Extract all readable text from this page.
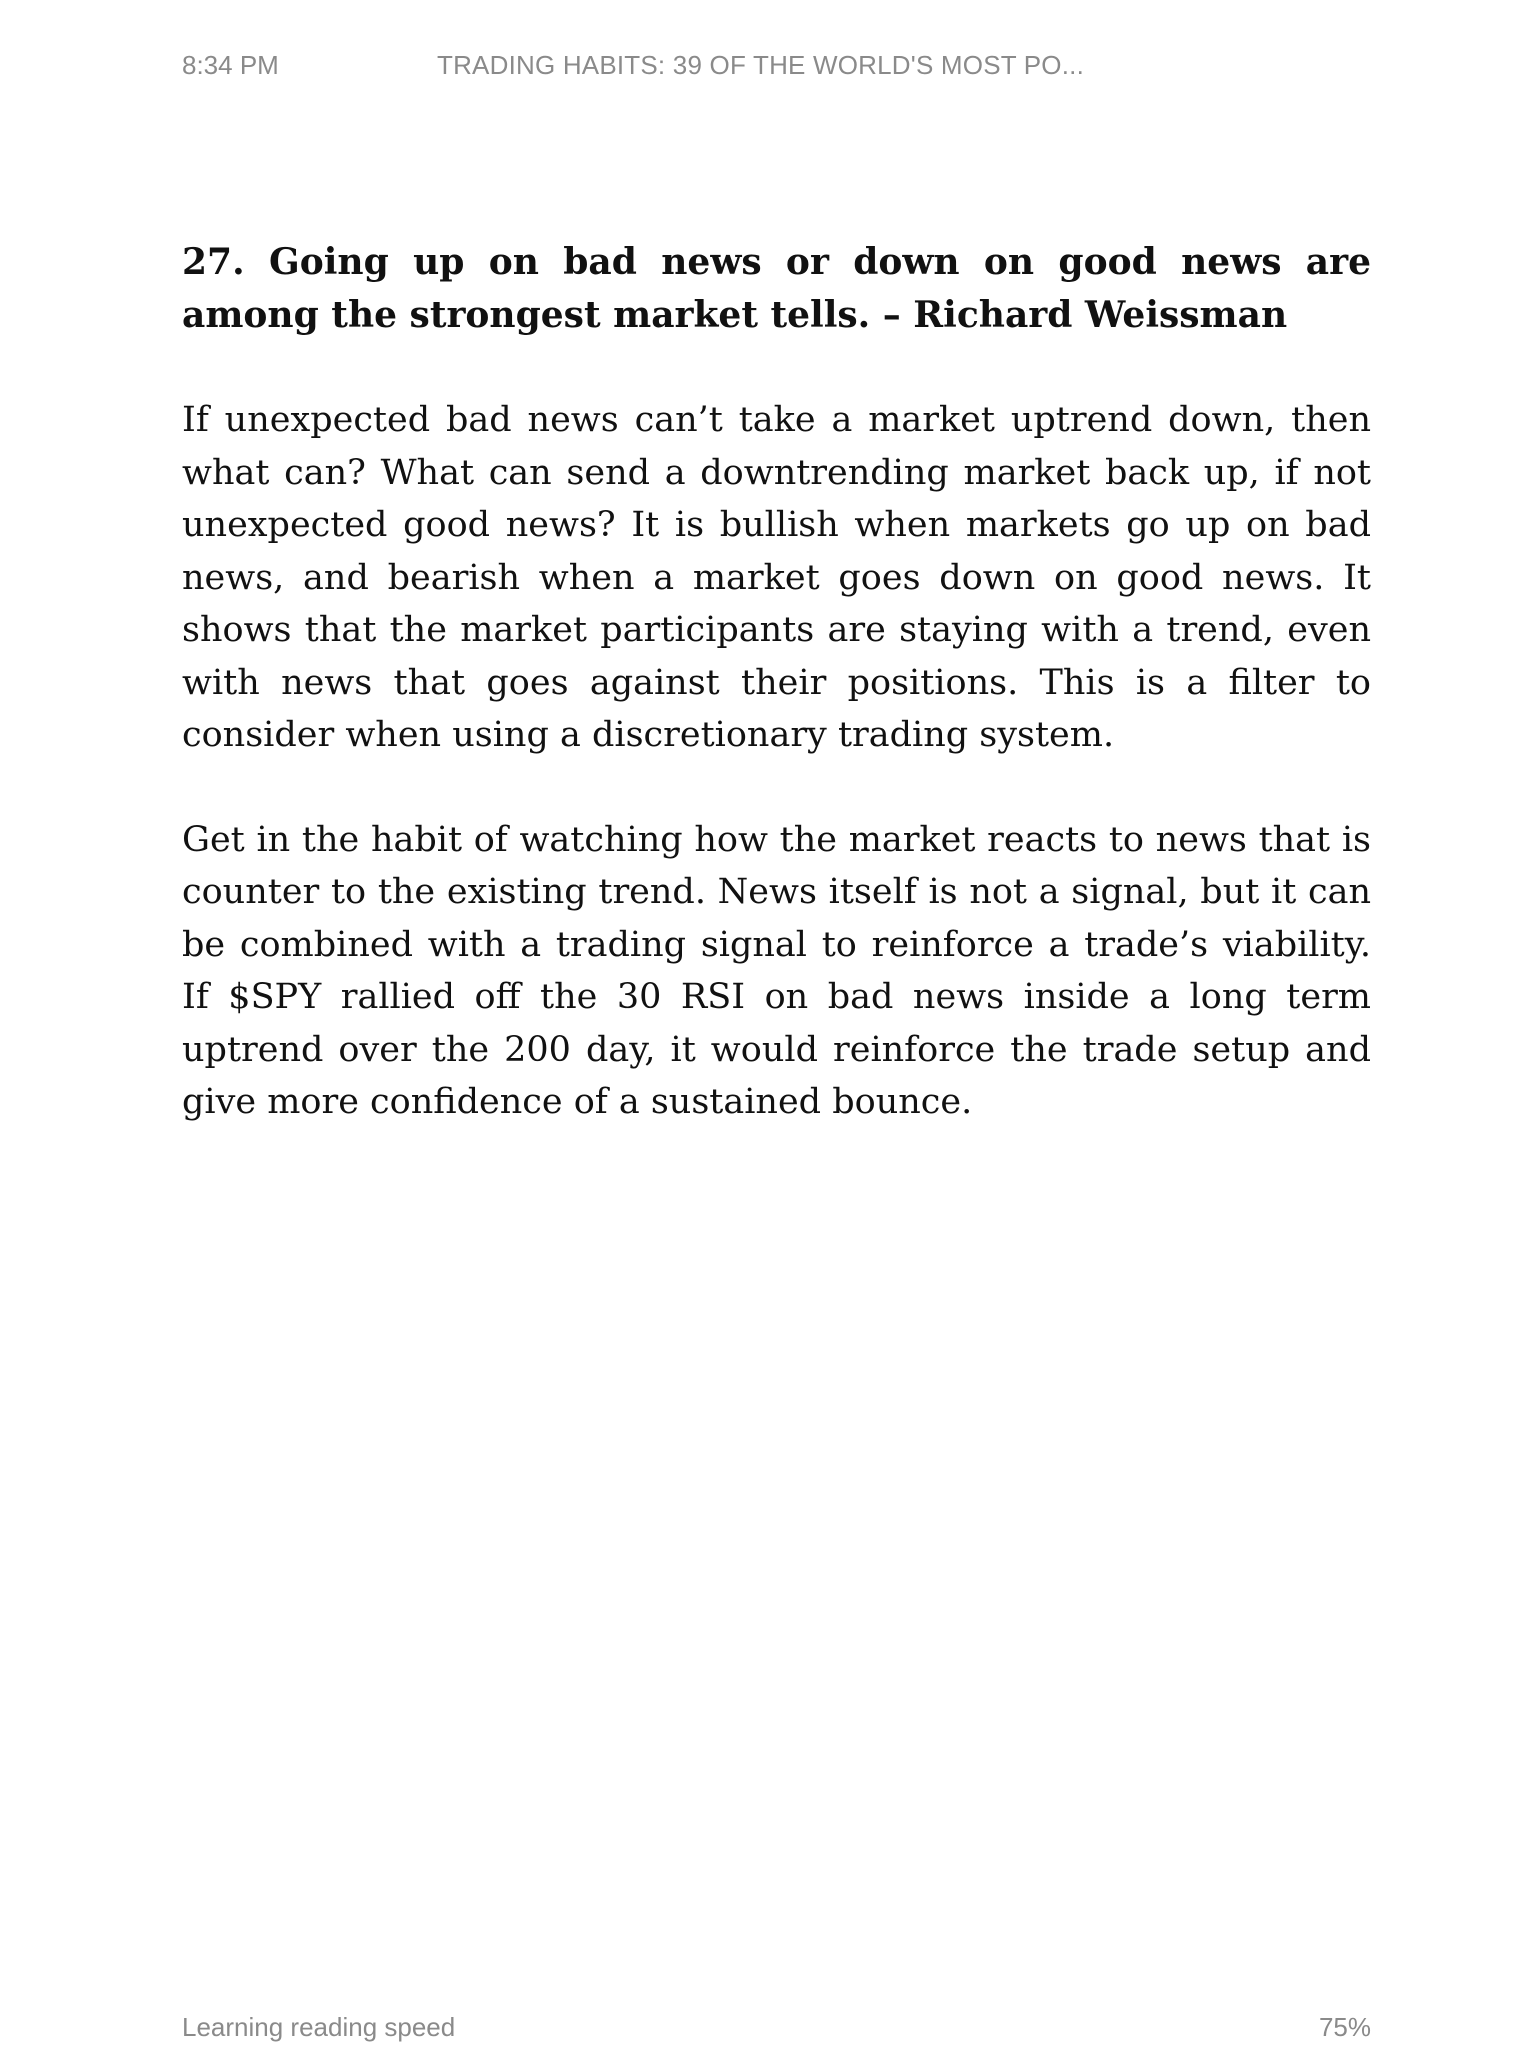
8:34 PM	TRADING HABITS: 39 OF THE WORLD'S MOST PO...

27. Going up on bad news or down on good news are among the strongest market tells. – Richard Weissman

If unexpected bad news can’t take a market uptrend down, then what can? What can send a downtrending market back up, if not unexpected good news? It is bullish when markets go up on bad news, and bearish when a market goes down on good news. It shows that the market participants are staying with a trend, even with news that goes against their positions. This is a filter to consider when using a discretionary trading system.

Get in the habit of watching how the market reacts to news that is counter to the existing trend. News itself is not a signal, but it can be combined with a trading signal to reinforce a trade’s viability. If $SPY rallied off the 30 RSI on bad news inside a long term uptrend over the 200 day, it would reinforce the trade setup and give more confidence of a sustained bounce.

Learning reading speed	75%
